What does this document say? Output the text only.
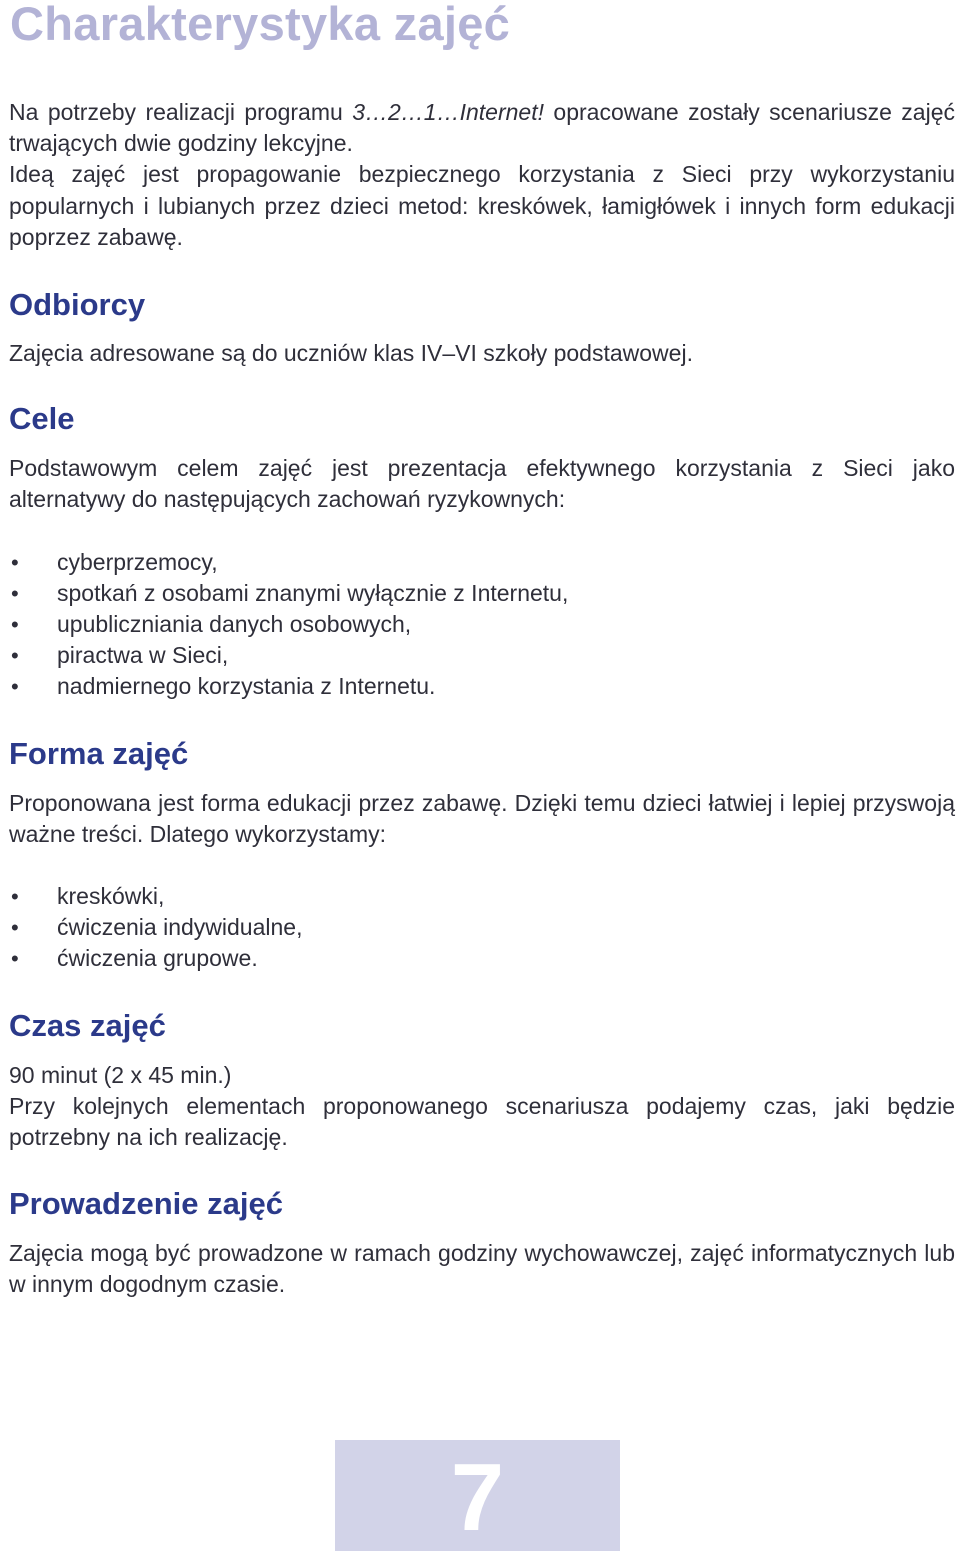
Charakterystyka zajęć

Na potrzeby realizacji programu 3…2…1…Internet! opracowane zostały scenariusze zajęć trwających dwie godziny lekcyjne.

Ideą zajęć jest propagowanie bezpiecznego korzystania z Sieci przy wykorzystaniu popularnych i lubianych przez dzieci metod: kreskówek, łamigłówek i innych form edukacji poprzez zabawę.

Odbiorcy

Zajęcia adresowane są do uczniów klas IV–VI szkoły podstawowej.

Cele

Podstawowym celem zajęć jest prezentacja efektywnego korzystania z Sieci jako alternatywy do następujących zachowań ryzykownych:

• cyberprzemocy,
• spotkań z osobami znanymi wyłącznie z Internetu,
• upubliczniania danych osobowych,
• piractwa w Sieci,
• nadmiernego korzystania z Internetu.
Forma zajęć

Proponowana jest forma edukacji przez zabawę. Dzięki temu dzieci łatwiej i lepiej przyswoją ważne treści. Dlatego wykorzystamy:

• kreskówki,
• ćwiczenia indywidualne,
• ćwiczenia grupowe.
Czas zajęć

90 minut (2 x 45 min.)

Przy kolejnych elementach proponowanego scenariusza podajemy czas, jaki będzie potrzebny na ich realizację.

Prowadzenie zajęć

Zajęcia mogą być prowadzone w ramach godziny wychowawczej, zajęć informatycznych lub w innym dogodnym czasie.

7
